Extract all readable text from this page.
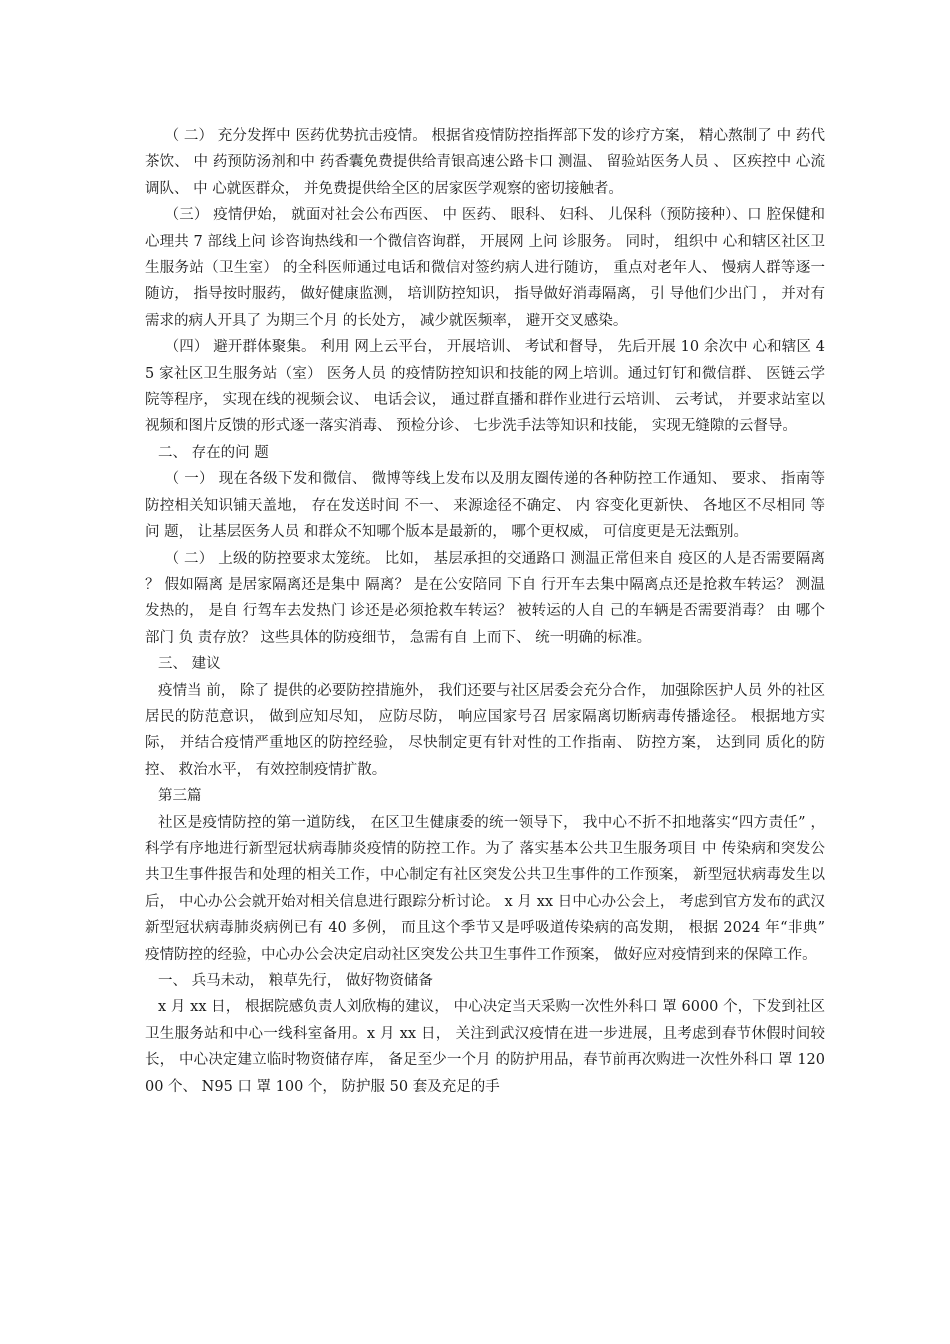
（ 二） 充分发挥中 医药优势抗击疫情。 根据省疫情防控指挥部下发的诊疗方案， 精心熬制了 中 药代茶饮、 中 药预防汤剂和中 药香囊免费提供给青银高速公路卡口 测温、 留验站医务人员 、 区疾控中 心流调队、 中 心就医群众， 并免费提供给全区的居家医学观察的密切接触者。

（三） 疫情伊始， 就面对社会公布西医、 中 医药、 眼科、 妇科、 儿保科（预防接种）、口 腔保健和心理共 7 部线上问 诊咨询热线和一个微信咨询群， 开展网 上问 诊服务。 同时， 组织中 心和辖区社区卫生服务站（卫生室） 的全科医师通过电话和微信对签约病人进行随访， 重点对老年人、 慢病人群等逐一随访， 指导按时服药， 做好健康监测， 培训防控知识， 指导做好消毒隔离， 引 导他们少出门 ， 并对有需求的病人开具了 为期三个月 的长处方， 减少就医频率， 避开交叉感染。

（四） 避开群体聚集。 利用 网上云平台， 开展培训、 考试和督导， 先后开展 10 余次中 心和辖区 45 家社区卫生服务站（室） 医务人员 的疫情防控知识和技能的网上培训。通过钉钉和微信群、 医链云学院等程序， 实现在线的视频会议、 电话会议， 通过群直播和群作业进行云培训、 云考试， 并要求站室以视频和图片反馈的形式逐一落实消毒、 预检分诊、 七步洗手法等知识和技能， 实现无缝隙的云督导。

二、 存在的问 题

（ 一） 现在各级下发和微信、 微博等线上发布以及朋友圈传递的各种防控工作通知、 要求、 指南等防控相关知识铺天盖地， 存在发送时间 不一、 来源途径不确定、 内 容变化更新快、 各地区不尽相同 等问 题， 让基层医务人员 和群众不知哪个版本是最新的， 哪个更权威， 可信度更是无法甄别。

（ 二） 上级的防控要求太笼统。 比如， 基层承担的交通路口 测温正常但来自 疫区的人是否需要隔离 ？ 假如隔离 是居家隔离还是集中 隔离？ 是在公安陪同 下自 行开车去集中隔离点还是抢救车转运？ 测温发热的， 是自 行驾车去发热门 诊还是必须抢救车转运？ 被转运的人自 己的车辆是否需要消毒？ 由 哪个部门 负 责存放？ 这些具体的防疫细节， 急需有自 上而下、 统一明确的标准。

三、 建议

疫情当 前， 除了 提供的必要防控措施外， 我们还要与社区居委会充分合作， 加强除医护人员 外的社区居民的防范意识， 做到应知尽知， 应防尽防， 响应国家号召 居家隔离切断病毒传播途径。 根据地方实际， 并结合疫情严重地区的防控经验， 尽快制定更有针对性的工作指南、 防控方案， 达到同 质化的防控、 救治水平， 有效控制疫情扩散。

第三篇

社区是疫情防控的第一道防线， 在区卫生健康委的统一领导下， 我中心不折不扣地落实“四方责任” ， 科学有序地进行新型冠状病毒肺炎疫情的防控工作。为了 落实基本公共卫生服务项目 中 传染病和突发公共卫生事件报告和处理的相关工作，中心制定有社区突发公共卫生事件的工作预案， 新型冠状病毒发生以后， 中心办公会就开始对相关信息进行跟踪分析讨论。 x 月 xx 日中心办公会上， 考虑到官方发布的武汉新型冠状病毒肺炎病例已有 40 多例， 而且这个季节又是呼吸道传染病的高发期， 根据 2024 年“非典” 疫情防控的经验，中心办公会决定启动社区突发公共卫生事件工作预案， 做好应对疫情到来的保障工作。

一、 兵马未动， 粮草先行， 做好物资储备

x 月 xx 日， 根据院感负责人刘欣梅的建议， 中心决定当天采购一次性外科口 罩 6000 个，下发到社区卫生服务站和中心一线科室备用。x 月 xx 日， 关注到武汉疫情在进一步进展，且考虑到春节休假时间较长， 中心决定建立临时物资储存库， 备足至少一个月 的防护用品，春节前再次购进一次性外科口 罩 12000 个、 N95 口 罩 100 个， 防护服 50 套及充足的手
